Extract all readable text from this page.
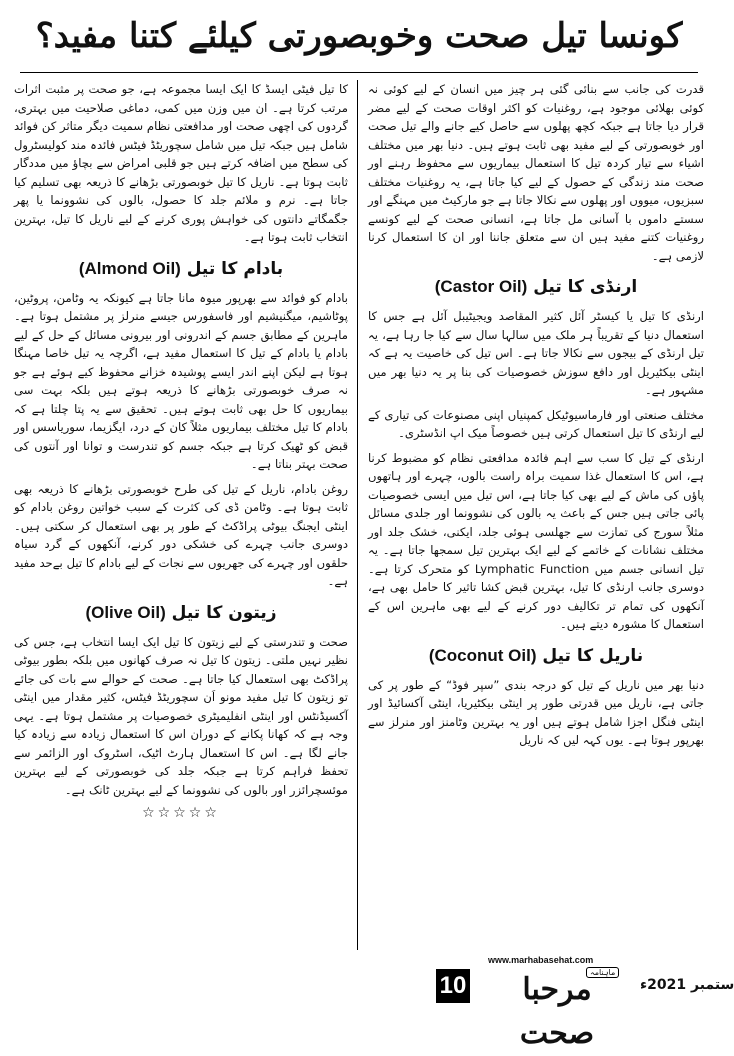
کونسا تیل صحت وخوبصورتی کیلئے کتنا مفید؟

قدرت کی جانب سے بنائی گئی ہر چیز میں انسان کے لیے کوئی نہ کوئی بھلائی موجود ہے، روغنیات کو اکثر اوقات صحت کے لیے مضر قرار دیا جاتا ہے جبکہ کچھ پھلوں سے حاصل کیے جانے والے تیل صحت اور خوبصورتی کے لیے مفید بھی ثابت ہوتے ہیں۔ دنیا بھر میں مختلف اشیاء سے تیار کردہ تیل کا استعمال بیماریوں سے محفوظ رہنے اور صحت مند زندگی کے حصول کے لیے کیا جاتا ہے، یہ روغنیات مختلف سبزیوں، میووں اور پھلوں سے نکالا جاتا ہے جو مارکیٹ میں مہنگے اور سستے داموں با آسانی مل جاتا ہے، انسانی صحت کے لیے کونسے روغنیات کتنے مفید ہیں ان سے متعلق جاننا اور ان کا استعمال کرنا لازمی ہے۔

ارنڈی کا تیل (Castor Oil)

ارنڈی کا تیل یا کیسٹر آئل کثیر المقاصد ویجیٹیبل آئل ہے جس کا استعمال دنیا کے تقریباً ہر ملک میں سالہا سال سے کیا جا رہا ہے، یہ تیل ارنڈی کے بیجوں سے نکالا جاتا ہے۔ اس تیل کی خاصیت یہ ہے کہ اینٹی بیکٹیریل اور دافع سوزش خصوصیات کی بنا پر یہ دنیا بھر میں مشہور ہے۔

مختلف صنعتی اور فارماسیوٹیکل کمپنیاں اپنی مصنوعات کی تیاری کے لیے ارنڈی کا تیل استعمال کرتی ہیں خصوصاً میک اپ انڈسٹری۔

ارنڈی کے تیل کا سب سے اہم فائدہ مدافعتی نظام کو مضبوط کرنا ہے، اس کا استعمال غذا سمیت براہ راست بالوں، چہرے اور ہاتھوں پاؤں کی ماش کے لیے بھی کیا جاتا ہے، اس تیل میں ایسی خصوصیات پائی جاتی ہیں جس کے باعث یہ بالوں کی نشوونما اور جلدی مسائل مثلاً سورج کی تمازت سے جھلسی ہوئی جلد، ایکنی، خشک جلد اور مختلف نشانات کے خاتمے کے لیے ایک بہترین تیل سمجھا جاتا ہے۔ یہ تیل انسانی جسم میں Lymphatic Function کو متحرک کرتا ہے۔ دوسری جانب ارنڈی کا تیل، بہترین قبض کشا تاثیر کا حامل بھی ہے، آنکھوں کی تمام تر تکالیف دور کرنے کے لیے بھی ماہرین اس کے استعمال کا مشورہ دیتے ہیں۔

ناریل کا تیل (Coconut Oil)

دنیا بھر میں ناریل کے تیل کو درجہ بندی ”سپر فوڈ“ کے طور پر کی جاتی ہے، ناریل میں قدرتی طور پر اینٹی بیکٹیریا، اینٹی آکسائیڈ اور اینٹی فنگل اجزا شامل ہوتے ہیں اور یہ بہترین وٹامنز اور منرلز سے بھرپور ہوتا ہے۔ یوں کہہ لیں کہ ناریل

کا تیل فیٹی ایسڈ کا ایک ایسا مجموعہ ہے، جو صحت پر مثبت اثرات مرتب کرتا ہے۔ ان میں وزن میں کمی، دماغی صلاحیت میں بہتری، گردوں کی اچھی صحت اور مدافعتی نظام سمیت دیگر متاثر کن فوائد شامل ہیں جبکہ تیل میں شامل سچوریٹڈ فیٹس فائدہ مند کولیسٹرول کی سطح میں اضافہ کرتے ہیں جو قلبی امراض سے بچاؤ میں مددگار ثابت ہوتا ہے۔ ناریل کا تیل خوبصورتی بڑھانے کا ذریعہ بھی تسلیم کیا جاتا ہے۔ نرم و ملائم جلد کا حصول، بالوں کی نشوونما یا پھر جگمگاتے دانتوں کی خواہش پوری کرنے کے لیے ناریل کا تیل، بہترین انتخاب ثابت ہوتا ہے۔

بادام کا تیل (Almond Oil)

بادام کو فوائد سے بھرپور میوہ مانا جاتا ہے کیونکہ یہ وٹامن، پروٹین، پوٹاشیم، میگنیشیم اور فاسفورس جیسے منرلز پر مشتمل ہوتا ہے۔ ماہرین کے مطابق جسم کے اندرونی اور بیرونی مسائل کے حل کے لیے بادام یا بادام کے تیل کا استعمال مفید ہے، اگرچہ یہ تیل خاصا مہنگا ہوتا ہے لیکن اپنے اندر ایسے پوشیدہ خزانے محفوظ کیے ہوئے ہے جو نہ صرف خوبصورتی بڑھانے کا ذریعہ ہوتے ہیں بلکہ بہت سی بیماریوں کا حل بھی ثابت ہوتے ہیں۔ تحقیق سے یہ پتا چلتا ہے کہ بادام کا تیل مختلف بیماریوں مثلاً کان کے درد، ایگزیما، سوریاسس اور قبض کو ٹھیک کرتا ہے جبکہ جسم کو تندرست و توانا اور آنتوں کی صحت بہتر بناتا ہے۔

روغن بادام، ناریل کے تیل کی طرح خوبصورتی بڑھانے کا ذریعہ بھی ثابت ہوتا ہے۔ وٹامن ڈی کی کثرت کے سبب خواتین روغن بادام کو اینٹی ایجنگ بیوٹی پراڈکٹ کے طور پر بھی استعمال کر سکتی ہیں۔ دوسری جانب چہرے کی خشکی دور کرنے، آنکھوں کے گرد سیاہ حلقوں اور چہرے کی جھریوں سے نجات کے لیے بادام کا تیل بےحد مفید ہے۔

زیتون کا تیل (Olive Oil)

صحت و تندرستی کے لیے زیتون کا تیل ایک ایسا انتخاب ہے، جس کی نظیر نہیں ملتی۔ زیتون کا تیل نہ صرف کھانوں میں بلکہ بطور بیوٹی پراڈکٹ بھی استعمال کیا جاتا ہے۔ صحت کے حوالے سے بات کی جائے تو زیتون کا تیل مفید مونو اَن سچوریٹڈ فیٹس، کثیر مقدار میں اینٹی آکسیڈنٹس اور اینٹی انفلیمیٹری خصوصیات پر مشتمل ہوتا ہے۔ یہی وجہ ہے کہ کھانا پکانے کے دوران اس کا استعمال زیادہ سے زیادہ کیا جانے لگا ہے۔ اس کا استعمال ہارٹ اٹیک، اسٹروک اور الزائمر سے تحفظ فراہم کرتا ہے جبکہ جلد کی خوبصورتی کے لیے بہترین موئسچرائزر اور بالوں کی نشوونما کے لیے بہترین ٹانک ہے۔

☆☆☆☆☆
10
www.marhabasehat.com
مرحبا صحت
ماہنامہ
ستمبر 2021ء
